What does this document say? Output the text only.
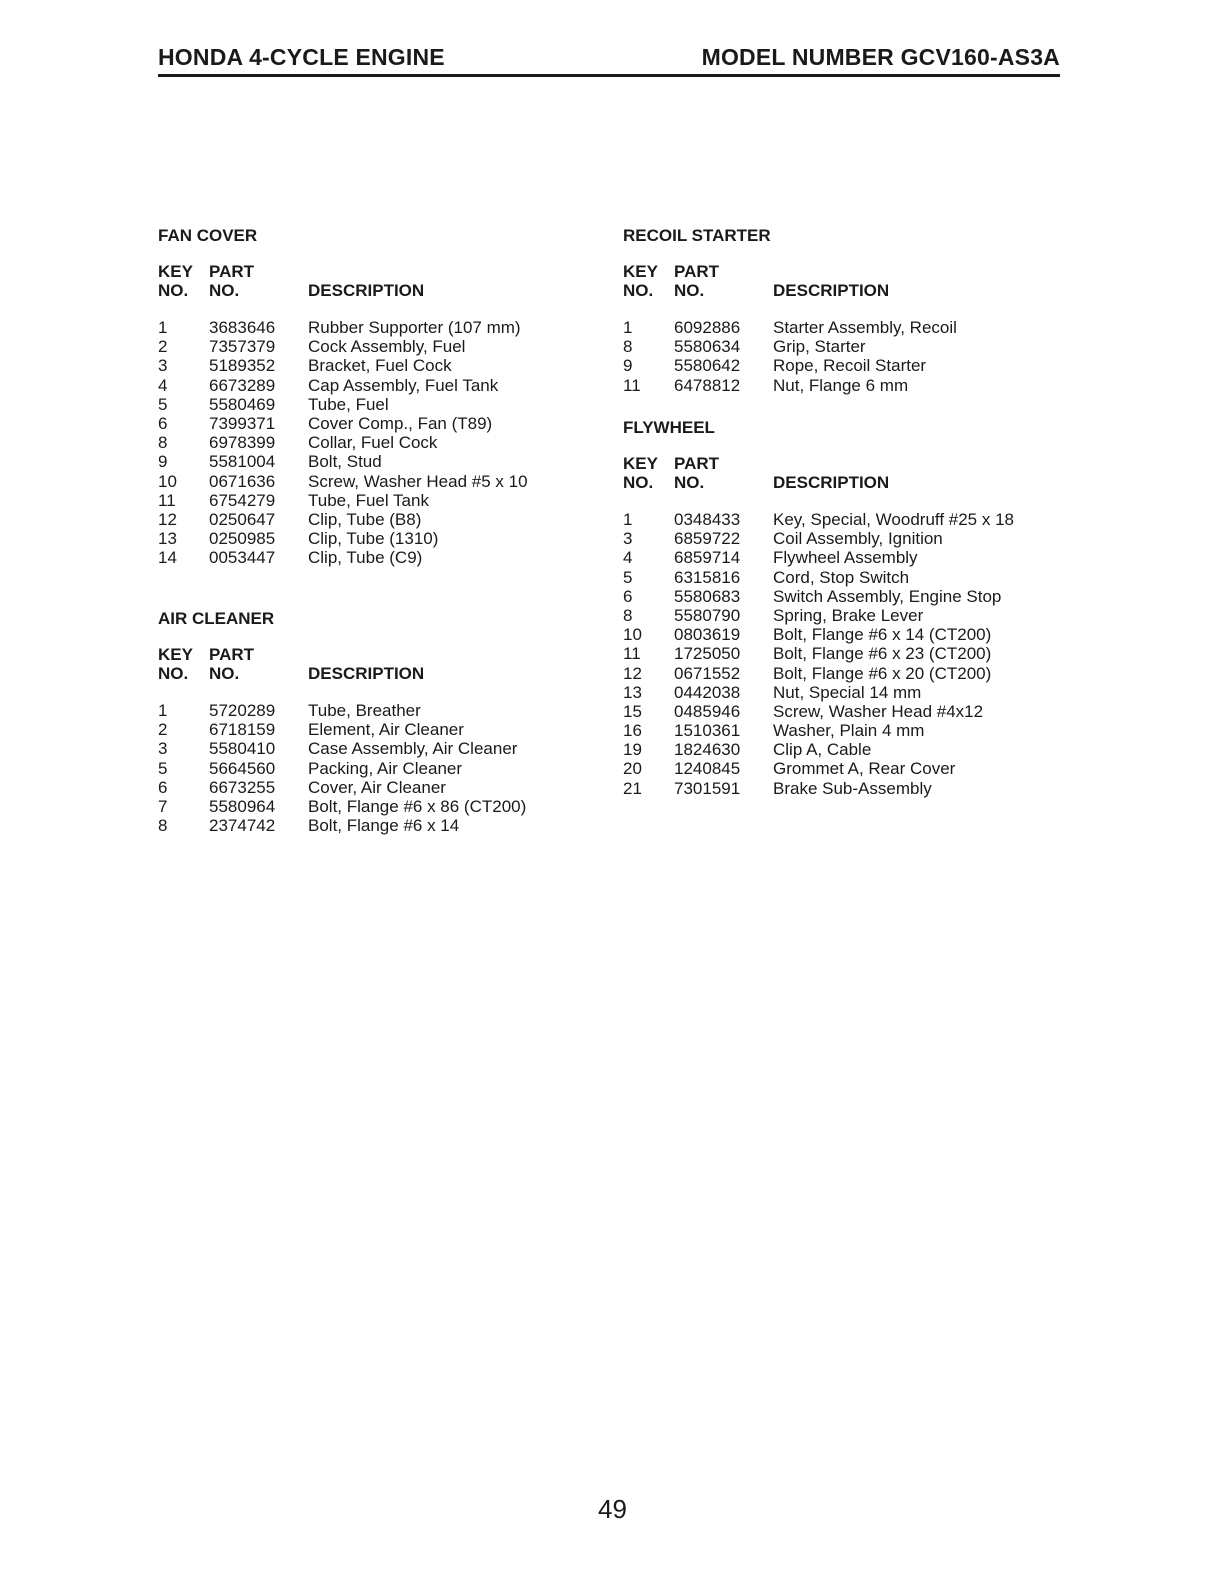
HONDA 4-CYCLE ENGINE	MODEL NUMBER GCV160-AS3A
FAN COVER
KEY PART
NO. NO.	DESCRIPTION
1 3683646 Rubber Supporter (107 mm)
2 7357379 Cock Assembly, Fuel
3 5189352 Bracket, Fuel Cock
4 6673289 Cap Assembly, Fuel Tank
5 5580469 Tube, Fuel
6 7399371 Cover Comp., Fan (T89)
8 6978399 Collar, Fuel Cock
9 5581004 Bolt, Stud
10 0671636 Screw, Washer Head #5 x 10
11 6754279 Tube, Fuel Tank
12 0250647 Clip, Tube (B8)
13 0250985 Clip, Tube (1310)
14 0053447 Clip, Tube (C9)
AIR CLEANER
KEY PART
NO. NO.	DESCRIPTION
1 5720289 Tube, Breather
2 6718159 Element, Air Cleaner
3 5580410 Case Assembly, Air Cleaner
5 5664560 Packing, Air Cleaner
6 6673255 Cover, Air Cleaner
7 5580964 Bolt, Flange #6 x 86 (CT200)
8 2374742 Bolt, Flange #6 x 14
RECOIL STARTER
KEY PART
NO. NO.	DESCRIPTION
1 6092886 Starter Assembly, Recoil
8 5580634 Grip, Starter
9 5580642 Rope, Recoil Starter
11 6478812 Nut, Flange 6 mm
FLYWHEEL
KEY PART
NO. NO.	DESCRIPTION
1 0348433 Key, Special, Woodruff #25 x 18
3 6859722 Coil Assembly, Ignition
4 6859714 Flywheel Assembly
5 6315816 Cord, Stop Switch
6 5580683 Switch Assembly, Engine Stop
8 5580790 Spring, Brake Lever
10 0803619 Bolt, Flange #6 x 14 (CT200)
11 1725050 Bolt, Flange #6 x 23 (CT200)
12 0671552 Bolt, Flange #6 x 20 (CT200)
13 0442038 Nut, Special 14 mm
15 0485946 Screw, Washer Head #4x12
16 1510361 Washer, Plain 4 mm
19 1824630 Clip A, Cable
20 1240845 Grommet A, Rear Cover
21 7301591 Brake Sub-Assembly
49
